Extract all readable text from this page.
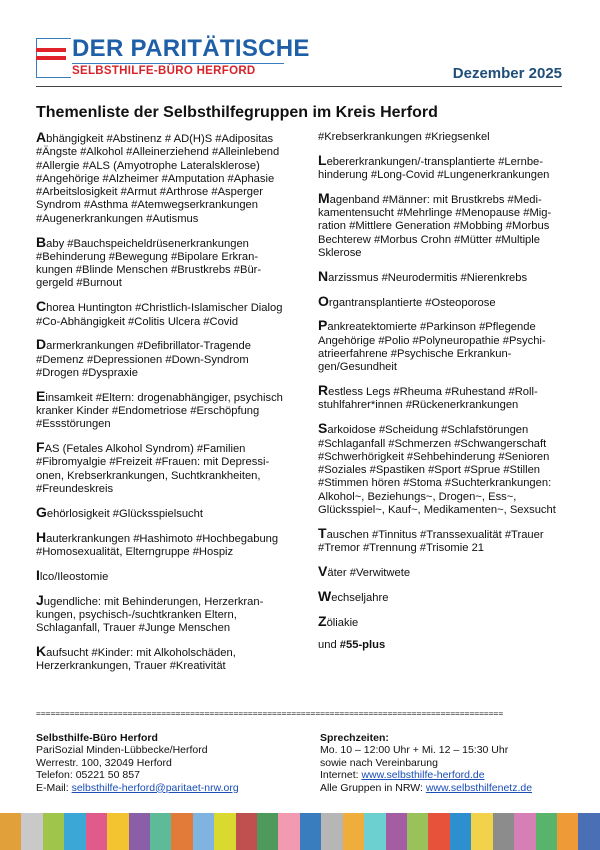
DER PARITÄTISCHE
SELBSTHILFE-BÜRO HERFORD	Dezember 2025
Themenliste der Selbsthilfegruppen im Kreis Herford
Abhängigkeit #Abstinenz # AD(H)S #Adipositas #Ängste #Alkohol #Alleinerziehend #Alleinlebend #Allergie #ALS (Amyotrophe Lateralsklerose) #Angehörige #Alzheimer #Amputation #Aphasie #Arbeitslosigkeit #Armut #Arthrose #Asperger Syndrom #Asthma #Atemwegserkrankungen #Augenerkrankungen #Autismus
Baby #Bauchspeicheldrüsenerkrankungen #Behinderung #Bewegung #Bipolare Erkrankungen #Blinde Menschen #Brustkrebs #Bürgergeld #Burnout
Chorea Huntington #Christlich-Islamischer Dialog #Co-Abhängigkeit #Colitis Ulcera #Covid
Darmerkrankungen #Defibrillator-Tragende #Demenz #Depressionen #Down-Syndrom #Drogen #Dyspraxie
Einsamkeit #Eltern: drogenabhängiger, psychisch kranker Kinder #Endometriose #Erschöpfung #Essstörungen
FAS (Fetales Alkohol Syndrom) #Familien #Fibromyalgie #Freizeit #Frauen: mit Depressionen, Krebserkrankungen, Suchtkrankheiten, #Freundeskreis
Gehörlosigkeit #Glücksspielsucht
Hauterkrankungen #Hashimoto #Hochbegabung #Homosexualität, Elterngruppe #Hospiz
Ilco/Ileostomie
Jugendliche: mit Behinderungen, Herzerkrankungen, psychisch-/suchtkranken Eltern, Schlaganfall, Trauer #Junge Menschen
Kaufsucht #Kinder: mit Alkoholschäden, Herzerkrankungen, Trauer #Kreativität
#Krebserkrankungen #Kriegsenkel
Lebererkrankungen/-transplantierte #Lernbehinderung #Long-Covid #Lungenerkrankungen
Magenband #Männer: mit Brustkrebs #Medikamentensucht #Mehrlinge #Menopause #Migration #Mittlere Generation #Mobbing #Morbus Bechterew #Morbus Crohn #Mütter #Multiple Sklerose
Narzissmus #Neurodermitis #Nierenkrebs
Organtransplantierte #Osteoporose
Pankreatektomierte #Parkinson #Pflegende Angehörige #Polio #Polyneuropathie #Psychiatrieerfahrene #Psychische Erkrankungen/Gesundheit
Restless Legs #Rheuma #Ruhestand #Rollstuhlfahrer*innen #Rückenerkrankungen
Sarkoidose #Scheidung #Schlafstörungen #Schlaganfall #Schmerzen #Schwangerschaft #Schwerhörigkeit #Sehbehinderung #Senioren #Soziales #Spastiken #Sport #Sprue #Stillen #Stimmen hören #Stoma #Suchterkrankungen: Alkohol~, Beziehungs~, Drogen~, Ess~, Glücksspiel~, Kauf~, Medikamenten~, Sexsucht
Tauschen #Tinnitus #Transsexualität #Trauer #Tremor #Trennung #Trisomie 21
Väter #Verwitwete
Wechseljahre
Zöliakie
und #55-plus
=================================================================================================
Selbsthilfe-Büro Herford
PariSozial Minden-Lübbecke/Herford
Werrestr. 100, 32049 Herford
Telefon: 05221 50 857
E-Mail: selbsthilfe-herford@paritaet-nrw.org
Sprechzeiten:
Mo. 10 – 12:00 Uhr + Mi. 12 – 15:30 Uhr
sowie nach Vereinbarung
Internet: www.selbsthilfe-herford.de
Alle Gruppen in NRW: www.selbsthilfenetz.de
